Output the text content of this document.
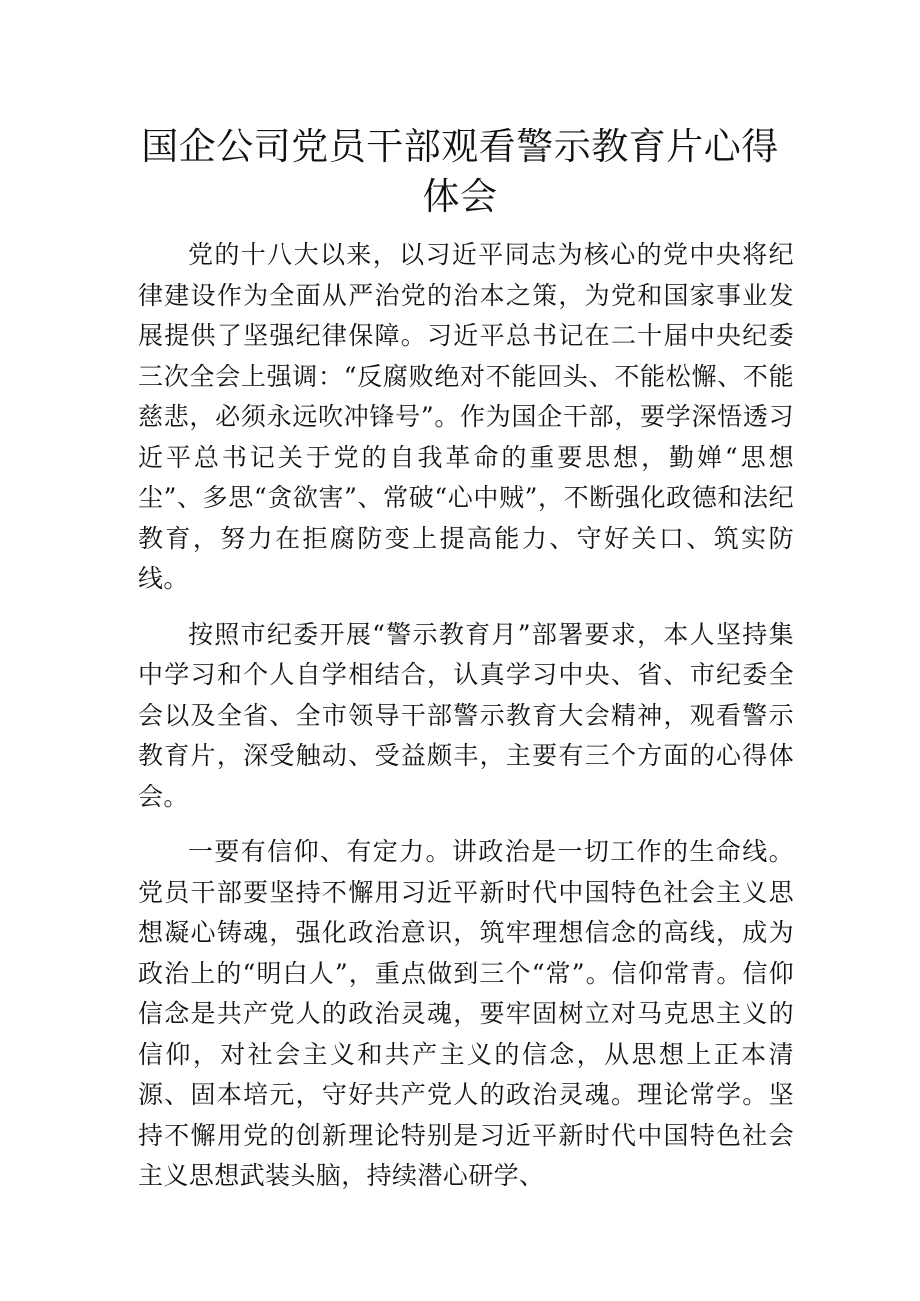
国企公司党员干部观看警示教育片心得体会

党的十八大以来，以习近平同志为核心的党中央将纪律建设作为全面从严治党的治本之策，为党和国家事业发展提供了坚强纪律保障。习近平总书记在二十届中央纪委三次全会上强调：“反腐败绝对不能回头、不能松懈、不能慈悲，必须永远吹冲锋号”。作为国企干部，要学深悟透习近平总书记关于党的自我革命的重要思想，勤婵“思想尘”、多思“贪欲害”、常破“心中贼”，不断强化政德和法纪教育，努力在拒腐防变上提高能力、守好关口、筑实防线。

按照市纪委开展“警示教育月”部署要求，本人坚持集中学习和个人自学相结合，认真学习中央、省、市纪委全会以及全省、全市领导干部警示教育大会精神，观看警示教育片，深受触动、受益颇丰，主要有三个方面的心得体会。

一要有信仰、有定力。讲政治是一切工作的生命线。党员干部要坚持不懈用习近平新时代中国特色社会主义思想凝心铸魂，强化政治意识，筑牢理想信念的高线，成为政治上的“明白人”，重点做到三个“常”。信仰常青。信仰信念是共产党人的政治灵魂，要牢固树立对马克思主义的信仰，对社会主义和共产主义的信念，从思想上正本清源、固本培元，守好共产党人的政治灵魂。理论常学。坚持不懈用党的创新理论特别是习近平新时代中国特色社会主义思想武装头脑，持续潜心研学、
